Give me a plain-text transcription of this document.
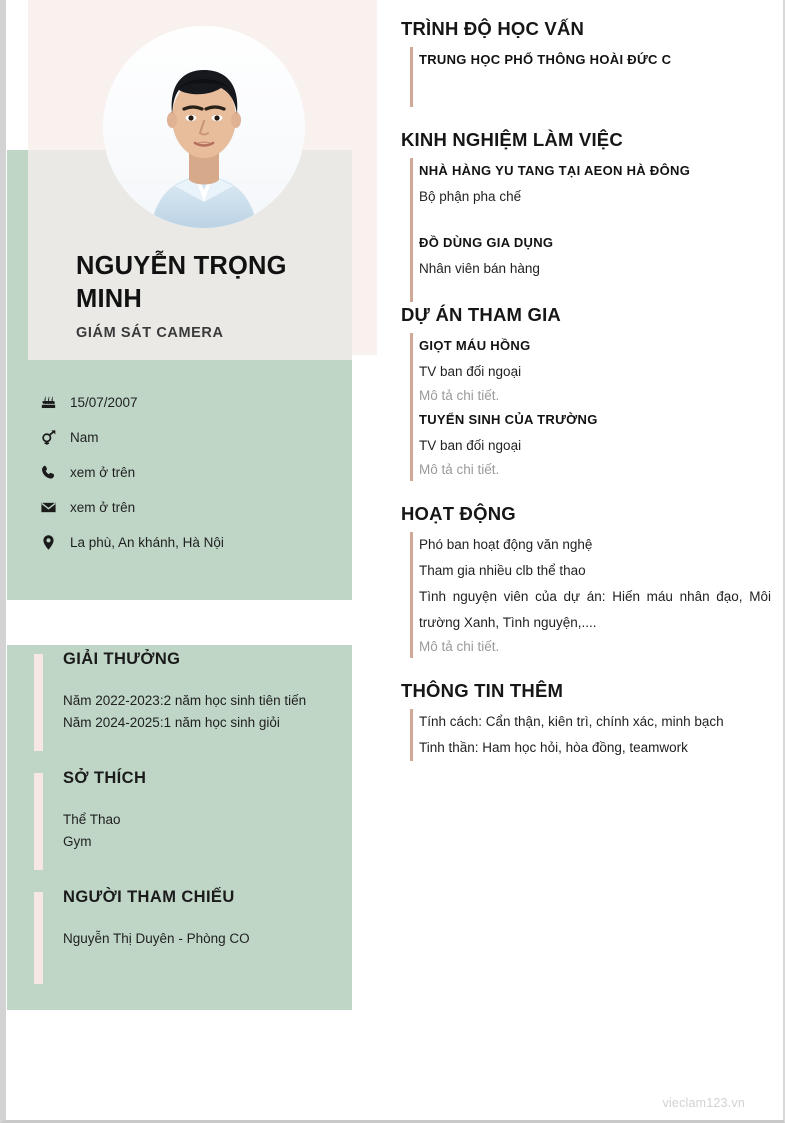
NGUYỄN TRỌNG MINH
GIÁM SÁT CAMERA
15/07/2007
Nam
xem ở trên
xem ở trên
La phù, An khánh, Hà Nội
GIẢI THƯỞNG
Năm 2022-2023:2 năm học sinh tiên tiến
Năm 2024-2025:1 năm học sinh giỏi
SỞ THÍCH
Thể Thao
Gym
NGƯỜI THAM CHIẾU
Nguyễn Thị Duyên - Phòng CO
TRÌNH ĐỘ HỌC VẤN
TRUNG HỌC PHỔ THÔNG HOÀI ĐỨC C
KINH NGHIỆM LÀM VIỆC
NHÀ HÀNG YU TANG TẠI AEON HÀ ĐÔNG
Bộ phận pha chế
ĐỒ DÙNG GIA DỤNG
Nhân viên bán hàng
DỰ ÁN THAM GIA
GIỌT MÁU HỒNG
TV ban đối ngoại
Mô tả chi tiết.
TUYỂN SINH CỦA TRƯỜNG
TV ban đối ngoại
Mô tả chi tiết.
HOẠT ĐỘNG
Phó ban hoạt động văn nghệ
Tham gia nhiều clb thể thao
Tình nguyện viên của dự án: Hiến máu nhân đạo, Môi trường Xanh, Tình nguyện,....
Mô tả chi tiết.
THÔNG TIN THÊM
Tính cách: Cẩn thận, kiên trì, chính xác, minh bạch
Tinh thần: Ham học hỏi, hòa đồng, teamwork
vieclam123.vn
